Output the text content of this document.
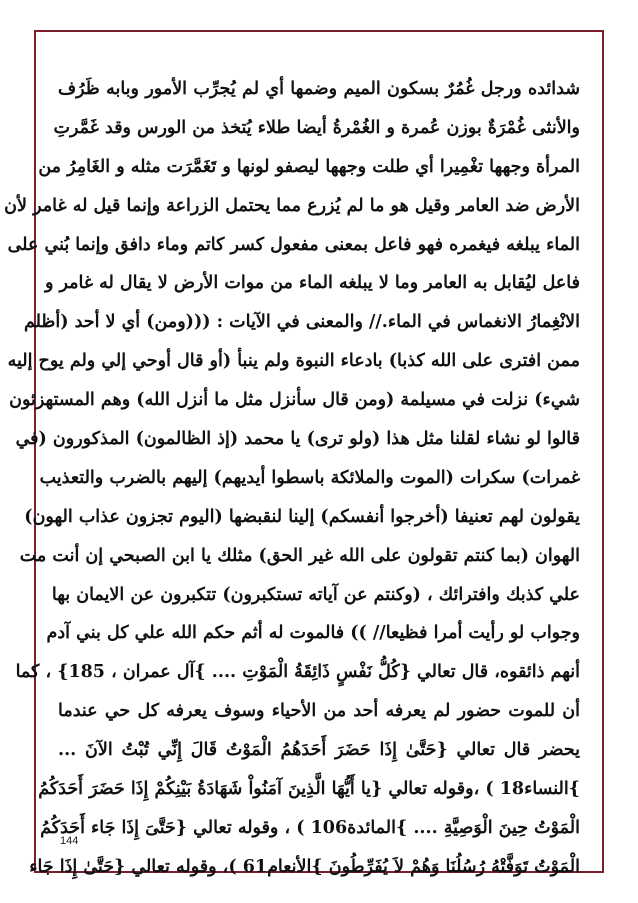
شدائده ورجل غُمُرٌ بسكون الميم وضمها أي لم يُجرِّب الأمور وبابه ظَرُف
والأنثى غُمْرَةٌ بوزن عُمرة و الغُمْرةُ أيضا طلاء يُتخذ من الورس وقد غَمَّرتِ
المرأة وجهها تغْمِيرا أي طلت وجهها ليصفو لونها و تَغَمَّرَت مثله و الغَامِرُ من
الأرض ضد العامر وقيل هو ما لم يُزرع مما يحتمل الزراعة وإنما قيل له غامر لأن
الماء يبلغه فيغمره فهو فاعل بمعنى مفعول كسر كاتم وماء دافق وإنما بُني على
فاعل ليُقابل به العامر وما لا يبلغه الماء من موات الأرض لا يقال له غامر و
الانْغِمارُ الانغماس في الماء.// والمعنى في الآيات : (((ومن) أي لا أحد (أظلم
ممن افترى على الله كذبا) بادعاء النبوة ولم ينبأ (أو قال أوحي إلي ولم يوح إليه
شيء) نزلت في مسيلمة (ومن قال سأنزل مثل ما أنزل الله) وهم المستهزئون
قالوا لو نشاء لقلنا مثل هذا (ولو ترى) يا محمد (إذ الظالمون) المذكورون (في
غمرات) سكرات (الموت والملائكة باسطوا أيديهم) إليهم بالضرب والتعذيب
يقولون لهم تعنيفا (أخرجوا أنفسكم) إلينا لنقبضها (اليوم تجزون عذاب الهون)
الهوان (بما كنتم تقولون على الله غير الحق) مثلك يا ابن الصبحي إن أنت مت
علي كذبك وافترائك ، (وكنتم عن آياته تستكبرون) تتكبرون عن الايمان بها
وجواب لو رأيت أمرا فظيعا// )) فالموت له أثم حكم الله علي كل بني آدم
أنهم ذائقوه، قال تعالي {كُلُّ نَفْسٍ ذَائِقَةُ الْمَوْتِ .... }آل عمران ، 185} ، كما
أن للموت حضور لم يعرفه أحد من الأحياء وسوف يعرفه كل حي عندما
يحضر قال تعالي {حَتَّىٰ إِذَا حَضَرَ أَحَدَهُمُ الْمَوْتُ قَالَ إِنِّي تُبْتُ الآنَ ...
}النساء18 ) ،وقوله تعالي {يا أَيُّهَا الَّذِينَ آمَنُواْ شَهَادَةُ بَيْنِكُمْ إِذَا حَضَرَ أَحَدَكُمُ
الْمَوْتُ حِينَ الْوَصِيَّةِ .... }المائدة106 ) ، وقوله تعالي {حَتَّىَ إِذَا جَاء أَحَدَكُمُ
الْمَوْتُ تَوَفَّتْهُ رُسُلُنَا وَهُمْ لاَ يُفَرِّطُونَ }الأنعام61 )، وقوله تعالي {حَتَّىٰ إِذَا جَاء
144
